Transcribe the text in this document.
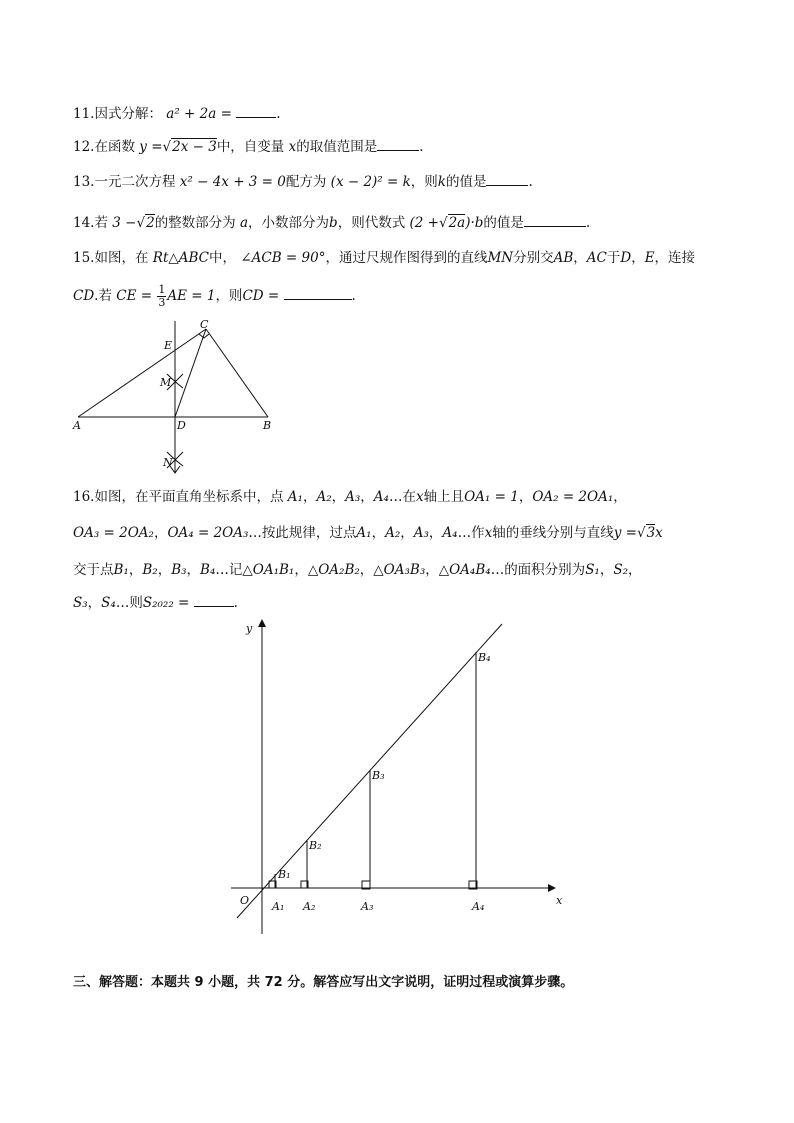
11.因式分解： a² + 2a =	.
12.在函数 y =√2x − 3中，自变量 x的取值范围是	.
13.一元二次方程 x² − 4x + 3 = 0配方为 (x − 2)² = k，则k的值是	.
14.若 3 −√2的整数部分为 a，小数部分为b，则代数式 (2 +√2a)·b的值是	.
15.如图，在 Rt△ABC中， ∠ACB = 90°，通过尺规作图得到的直线MN分别交AB，AC于D，E，连接
CD.若 CE = $\frac{1}{3}$ AE = 1，则CD =	.
C
E
M
A	D	B
N
16.如图，在平面直角坐标系中，点 A₁，A₂，A₃，A₄…在x轴上且OA₁ = 1，OA₂ = 2OA₁，
OA₃ = 2OA₂，OA₄ = 2OA₃…按此规律，过点A₁，A₂，A₃，A₄…作x轴的垂线分别与直线y =√3x
交于点B₁，B₂，B₃，B₄…记△OA₁B₁，△OA₂B₂，△OA₃B₃，△OA₄B₄…的面积分别为S₁，S₂，
S₃，S₄…则S₂₀₂₂ =	.
y
x
O A₁ A₂	A₃	A₄
B₁
B₂
B₃
B₄
三、解答题：本题共 9 小题，共 72 分。解答应写出文字说明，证明过程或演算步骤。
